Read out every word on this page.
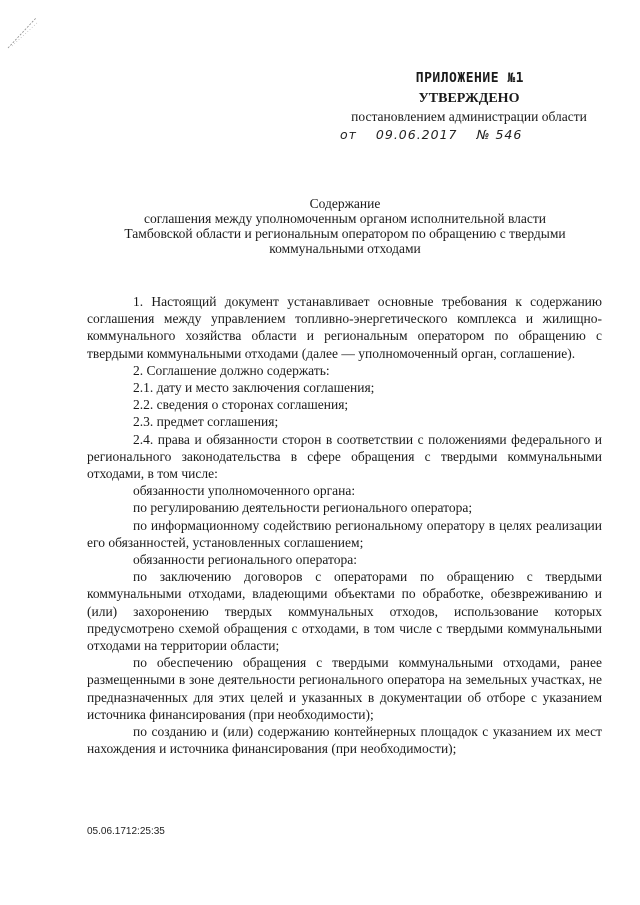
ПРИЛОЖЕНИЕ №1
УТВЕРЖДЕНО
постановлением администрации области
от 09.06.2017 № 546
Содержание
соглашения между уполномоченным органом исполнительной власти
Тамбовской области и региональным оператором по обращению с твердыми
коммунальными отходами

1. Настоящий документ устанавливает основные требования к содержанию соглашения между управлением топливно-энергетического комплекса и жилищно-коммунального хозяйства области и региональным оператором по обращению с твердыми коммунальными отходами (далее — уполномоченный орган, соглашение).

2. Соглашение должно содержать:

2.1. дату и место заключения соглашения;

2.2. сведения о сторонах соглашения;

2.3. предмет соглашения;

2.4. права и обязанности сторон в соответствии с положениями федерального и регионального законодательства в сфере обращения с твердыми коммунальными отходами, в том числе:

обязанности уполномоченного органа:

по регулированию деятельности регионального оператора;

по информационному содействию региональному оператору в целях реализации его обязанностей, установленных соглашением;

обязанности регионального оператора:

по заключению договоров с операторами по обращению с твердыми коммунальными отходами, владеющими объектами по обработке, обезвреживанию и (или) захоронению твердых коммунальных отходов, использование которых предусмотрено схемой обращения с отходами, в том числе с твердыми коммунальными отходами на территории области;

по обеспечению обращения с твердыми коммунальными отходами, ранее размещенными в зоне деятельности регионального оператора на земельных участках, не предназначенных для этих целей и указанных в документации об отборе с указанием источника финансирования (при необходимости);

по созданию и (или) содержанию контейнерных площадок с указанием их мест нахождения и источника финансирования (при необходимости);

05.06.1712:25:35
